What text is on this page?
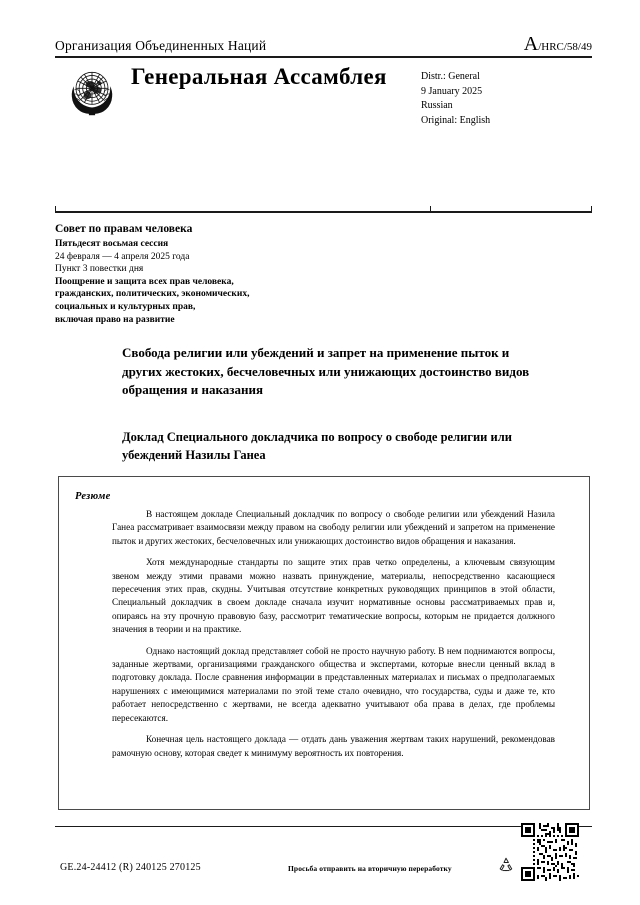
Организация Объединенных Наций	A/HRC/58/49
Генеральная Ассамблея	Distr.: General
9 January 2025
Russian
Original: English
Совет по правам человека
Пятьдесят восьмая сессия
24 февраля — 4 апреля 2025 года
Пункт 3 повестки дня
Поощрение и защита всех прав человека,
гражданских, политических, экономических,
социальных и культурных прав,
включая право на развитие
Свобода религии или убеждений и запрет на применение пыток и других жестоких, бесчеловечных или унижающих достоинство видов обращения и наказания
Доклад Специального докладчика по вопросу о свободе религии или убеждений Назилы Ганеа
Резюме

В настоящем докладе Специальный докладчик по вопросу о свободе религии или убеждений Назила Ганеа рассматривает взаимосвязи между правом на свободу религии или убеждений и запретом на применение пыток и других жестоких, бесчеловечных или унижающих достоинство видов обращения и наказания.

Хотя международные стандарты по защите этих прав четко определены, а ключевым связующим звеном между этими правами можно назвать принуждение, материалы, непосредственно касающиеся пересечения этих прав, скудны. Учитывая отсутствие конкретных руководящих принципов в этой области, Специальный докладчик в своем докладе сначала изучит нормативные основы рассматриваемых прав и, опираясь на эту прочную правовую базу, рассмотрит тематические вопросы, которым не придается должного значения в теории и на практике.

Однако настоящий доклад представляет собой не просто научную работу. В нем поднимаются вопросы, заданные жертвами, организациями гражданского общества и экспертами, которые внесли ценный вклад в подготовку доклада. После сравнения информации в представленных материалах и письмах о предполагаемых нарушениях с имеющимися материалами по этой теме стало очевидно, что государства, суды и даже те, кто работает непосредственно с жертвами, не всегда адекватно учитывают оба права в делах, где проблемы пересекаются.

Конечная цель настоящего доклада — отдать дань уважения жертвам таких нарушений, рекомендовав рамочную основу, которая сведет к минимуму вероятность их повторения.

GE.24-24412 (R) 240125 270125	Просьба отправить на вторичную переработку
